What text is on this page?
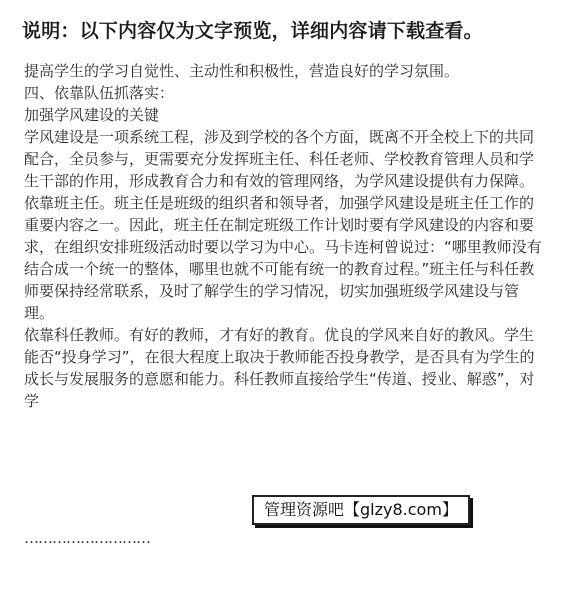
说明：以下内容仅为文字预览，详细内容请下载查看。

提高学生的学习自觉性、主动性和积极性，营造良好的学习氛围。

四、依靠队伍抓落实：

加强学风建设的关键

学风建设是一项系统工程，涉及到学校的各个方面，既离不开全校上下的共同配合，全员参与，更需要充分发挥班主任、科任老师、学校教育管理人员和学生干部的作用，形成教育合力和有效的管理网络，为学风建设提供有力保障。

依靠班主任。班主任是班级的组织者和领导者，加强学风建设是班主任工作的重要内容之一。因此，班主任在制定班级工作计划时要有学风建设的内容和要求，在组织安排班级活动时要以学习为中心。马卡连柯曾说过：“哪里教师没有结合成一个统一的整体，哪里也就不可能有统一的教育过程。”班主任与科任教师要保持经常联系，及时了解学生的学习情况，切实加强班级学风建设与管理。

依靠科任教师。有好的教师，才有好的教育。优良的学风来自好的教风。学生能否“投身学习”，在很大程度上取决于教师能否投身教学，是否具有为学生的成长与发展服务的意愿和能力。科任教师直接给学生“传道、授业、解惑”，对学

………………………
管理资源吧【glzy8.com】
